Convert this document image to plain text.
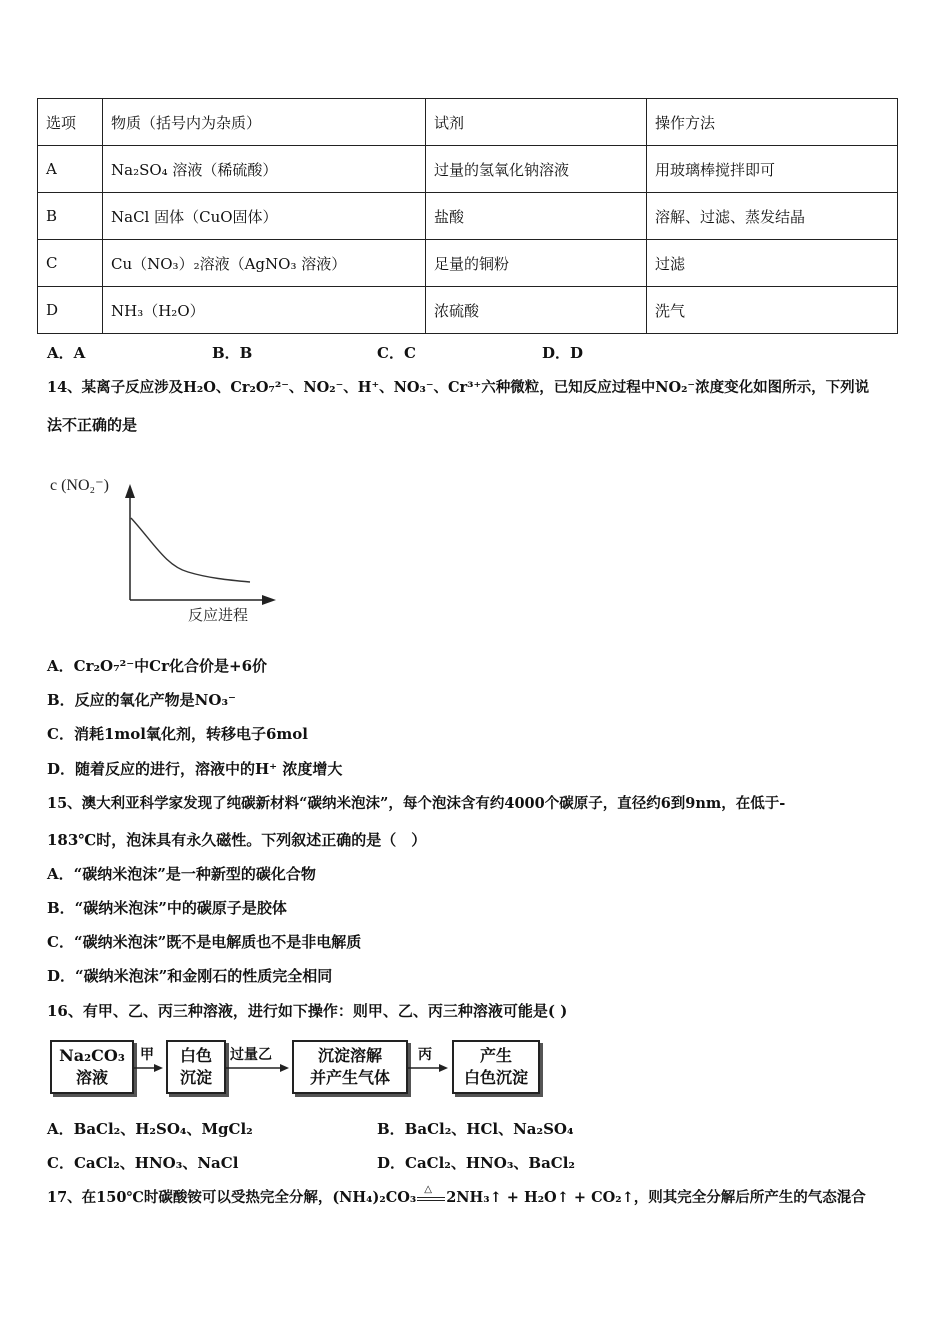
选项	物质（括号内为杂质）	试剂	操作方法
A	Na₂SO₄ 溶液（稀硫酸）	过量的氢氧化钠溶液	用玻璃棒搅拌即可
B	NaCl 固体（CuO固体）	盐酸	溶解、过滤、蒸发结晶
C	Cu（NO₃）₂溶液（AgNO₃ 溶液）	足量的铜粉	过滤
D	NH₃（H₂O）	浓硫酸	洗气
A．A	B．B	C．C	D．D
14、某离子反应涉及H₂O、Cr₂O₇²⁻、NO₂⁻、H⁺、NO₃⁻、Cr³⁺六种微粒，已知反应过程中NO₂⁻浓度变化如图所示，下列说
法不正确的是
c (NO₂⁻)
反应进程
A．Cr₂O₇²⁻中Cr化合价是+6价
B．反应的氧化产物是NO₃⁻
C．消耗1mol氧化剂，转移电子6mol
D．随着反应的进行，溶液中的H⁺ 浓度增大
15、澳大利亚科学家发现了纯碳新材料“碳纳米泡沫”，每个泡沫含有约4000个碳原子，直径约6到9nm，在低于-
183℃时，泡沫具有永久磁性。下列叙述正确的是（　）
A．“碳纳米泡沫”是一种新型的碳化合物
B．“碳纳米泡沫”中的碳原子是胶体
C．“碳纳米泡沫”既不是电解质也不是非电解质
D．“碳纳米泡沫”和金刚石的性质完全相同
16、有甲、乙、丙三种溶液，进行如下操作：则甲、乙、丙三种溶液可能是( )
Na₂CO₃
溶液
甲	白色
沉淀
过量乙	沉淀溶解
并产生气体
丙	产生
白色沉淀
A．BaCl₂、H₂SO₄、MgCl₂	B．BaCl₂、HCl、Na₂SO₄
C．CaCl₂、HNO₃、NaCl	D．CaCl₂、HNO₃、BaCl₂
17、在150℃时碳酸铵可以受热完全分解，(NH₄)₂CO₃ △ 2NH₃↑ + H₂O↑ + CO₂↑，则其完全分解后所产生的气态混合
